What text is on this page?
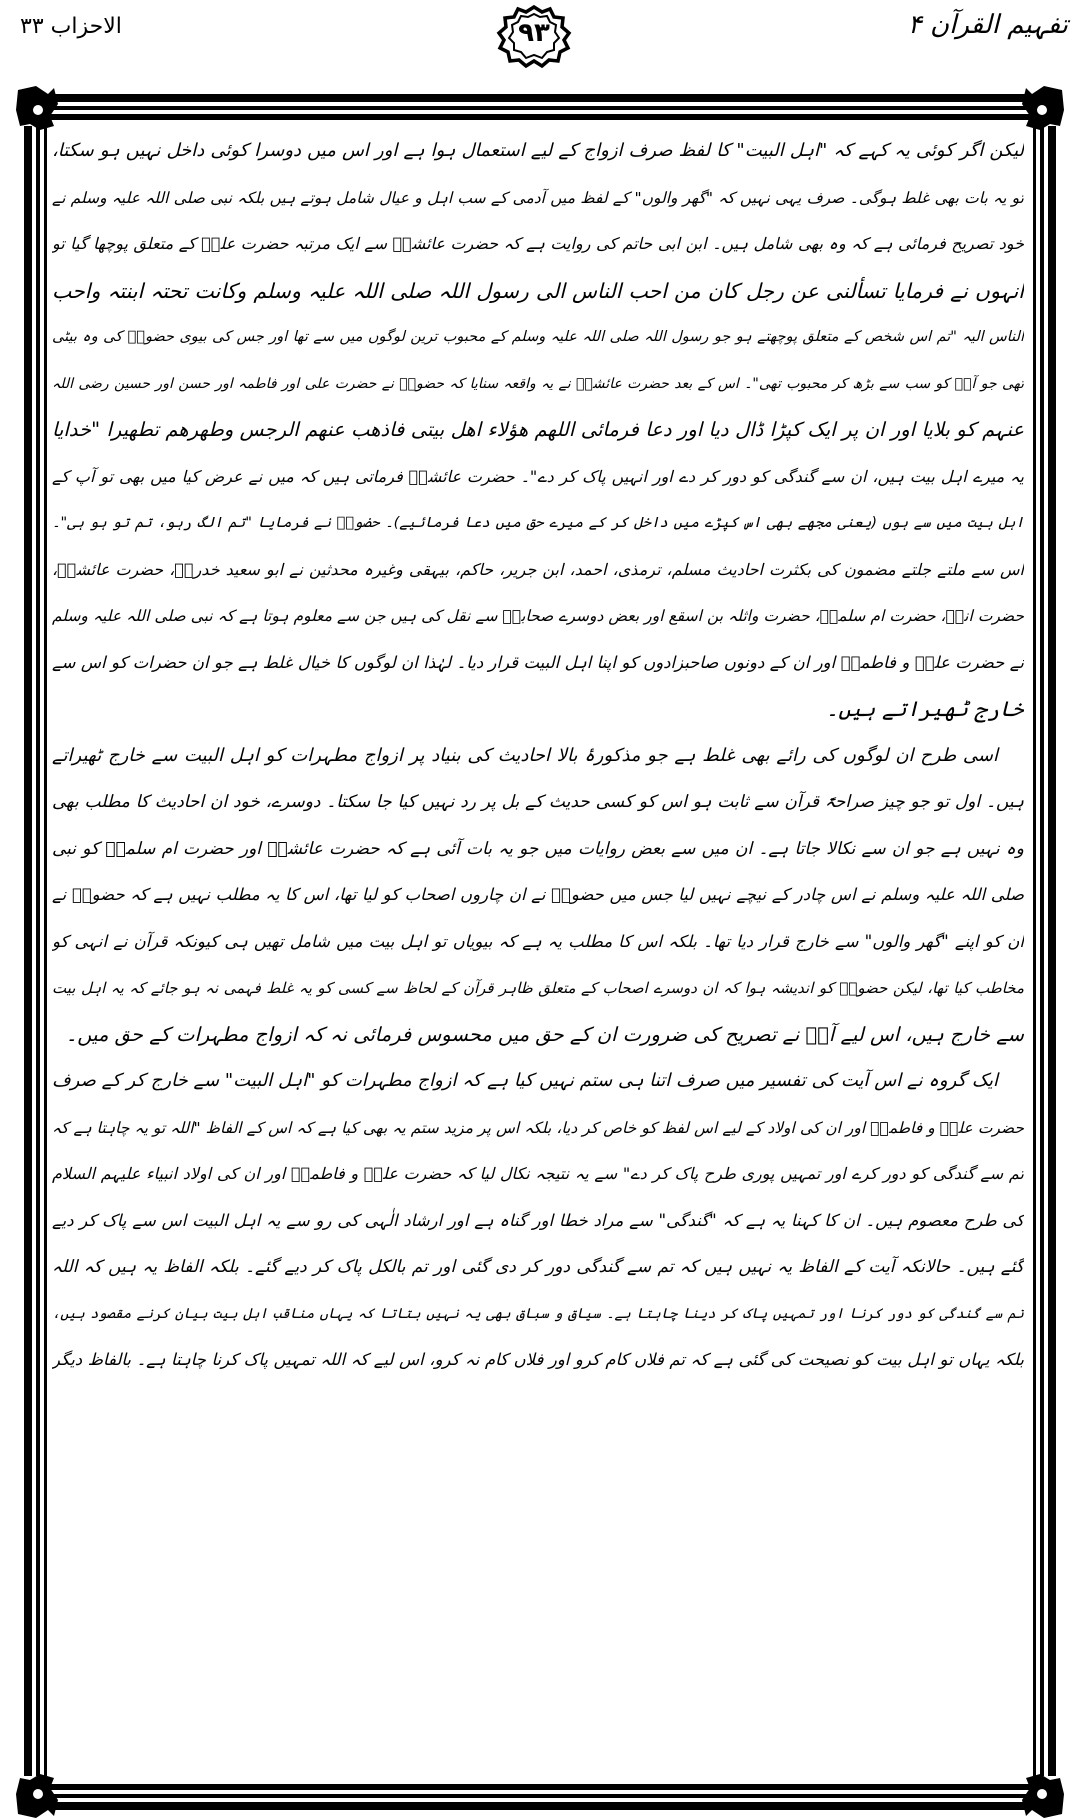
الاحزاب ۳۳	۹۳	تفہیم القرآن ۴
لیکن اگر کوئی یہ کہے کہ "اہل البیت" کا لفظ صرف ازواج کے لیے استعمال ہوا ہے اور اس میں دوسرا کوئی داخل نہیں ہو سکتا،
تو یہ بات بھی غلط ہوگی۔ صرف یہی نہیں کہ "گھر والوں" کے لفظ میں آدمی کے سب اہل و عیال شامل ہوتے ہیں بلکہ نبی صلی اللہ علیہ وسلم نے
خود تصریح فرمائی ہے کہ وہ بھی شامل ہیں۔ ابن ابی حاتم کی روایت ہے کہ حضرت عائشہؓ سے ایک مرتبہ حضرت علیؓ کے متعلق پوچھا گیا تو
انہوں نے فرمایا تسألنی عن رجل کان من احب الناس الی رسول اللہ صلی اللہ علیہ وسلم وکانت تحتہ ابنتہ واحب
الناس الیہ "تم اس شخص کے متعلق پوچھتے ہو جو رسول اللہ صلی اللہ علیہ وسلم کے محبوب ترین لوگوں میں سے تھا اور جس کی بیوی حضورؐ کی وہ بیٹی
تھی جو آپؐ کو سب سے بڑھ کر محبوب تھی"۔ اس کے بعد حضرت عائشہؓ نے یہ واقعہ سنایا کہ حضورؐ نے حضرت علی اور فاطمہ اور حسن اور حسین رضی اللہ
عنہم کو بلایا اور ان پر ایک کپڑا ڈال دیا اور دعا فرمائی اللھم ھؤلاء اھل بیتی فاذھب عنھم الرجس وطھرھم تطھیرا "خدایا
یہ میرے اہل بیت ہیں، ان سے گندگی کو دور کر دے اور انہیں پاک کر دے"۔ حضرت عائشہؓ فرماتی ہیں کہ میں نے عرض کیا میں بھی تو آپ کے
اہل بیت میں سے ہوں (یعنی مجھے بھی اس کپڑے میں داخل کر کے میرے حق میں دعا فرمائیے)۔ حضورؐ نے فرمایا "تم الگ رہو، تم تو ہو ہی"۔
اس سے ملتے جلتے مضمون کی بکثرت احادیث مسلم، ترمذی، احمد، ابن جریر، حاکم، بیہقی وغیرہ محدثین نے ابو سعید خدریؓ، حضرت عائشہؓ،
حضرت انسؓ، حضرت ام سلمہؓ، حضرت واثلہ بن اسقع اور بعض دوسرے صحابہؓ سے نقل کی ہیں جن سے معلوم ہوتا ہے کہ نبی صلی اللہ علیہ وسلم
نے حضرت علیؓ و فاطمہؓ اور ان کے دونوں صاحبزادوں کو اپنا اہل البیت قرار دیا۔ لہٰذا ان لوگوں کا خیال غلط ہے جو ان حضرات کو اس سے
خارج ٹھیراتے ہیں۔
اسی طرح ان لوگوں کی رائے بھی غلط ہے جو مذکورۂ بالا احادیث کی بنیاد پر ازواج مطہرات کو اہل البیت سے خارج ٹھیراتے
ہیں۔ اول تو جو چیز صراحۃً قرآن سے ثابت ہو اس کو کسی حدیث کے بل پر رد نہیں کیا جا سکتا۔ دوسرے، خود ان احادیث کا مطلب بھی
وہ نہیں ہے جو ان سے نکالا جاتا ہے۔ ان میں سے بعض روایات میں جو یہ بات آئی ہے کہ حضرت عائشہؓ اور حضرت ام سلمہؓ کو نبی
صلی اللہ علیہ وسلم نے اس چادر کے نیچے نہیں لیا جس میں حضورؐ نے ان چاروں اصحاب کو لیا تھا، اس کا یہ مطلب نہیں ہے کہ حضورؐ نے
ان کو اپنے "گھر والوں" سے خارج قرار دیا تھا۔ بلکہ اس کا مطلب یہ ہے کہ بیویاں تو اہل بیت میں شامل تھیں ہی کیونکہ قرآن نے انہی کو
مخاطب کیا تھا، لیکن حضورؐ کو اندیشہ ہوا کہ ان دوسرے اصحاب کے متعلق ظاہر قرآن کے لحاظ سے کسی کو یہ غلط فہمی نہ ہو جائے کہ یہ اہل بیت
سے خارج ہیں، اس لیے آپؐ نے تصریح کی ضرورت ان کے حق میں محسوس فرمائی نہ کہ ازواج مطہرات کے حق میں۔
ایک گروہ نے اس آیت کی تفسیر میں صرف اتنا ہی ستم نہیں کیا ہے کہ ازواج مطہرات کو "اہل البیت" سے خارج کر کے صرف
حضرت علیؓ و فاطمہؓ اور ان کی اولاد کے لیے اس لفظ کو خاص کر دیا، بلکہ اس پر مزید ستم یہ بھی کیا ہے کہ اس کے الفاظ "اللہ تو یہ چاہتا ہے کہ
تم سے گندگی کو دور کرے اور تمہیں پوری طرح پاک کر دے" سے یہ نتیجہ نکال لیا کہ حضرت علیؓ و فاطمہؓ اور ان کی اولاد انبیاء علیہم السلام
کی طرح معصوم ہیں۔ ان کا کہنا یہ ہے کہ "گندگی" سے مراد خطا اور گناہ ہے اور ارشاد الٰہی کی رو سے یہ اہل البیت اس سے پاک کر دیے
گئے ہیں۔ حالانکہ آیت کے الفاظ یہ نہیں ہیں کہ تم سے گندگی دور کر دی گئی اور تم بالکل پاک کر دیے گئے۔ بلکہ الفاظ یہ ہیں کہ اللہ
تم سے گندگی کو دور کرنا اور تمہیں پاک کر دینا چاہتا ہے۔ سیاق و سباق بھی یہ نہیں بتاتا کہ یہاں مناقب اہل بیت بیان کرنے مقصود ہیں،
بلکہ یہاں تو اہل بیت کو نصیحت کی گئی ہے کہ تم فلاں کام کرو اور فلاں کام نہ کرو، اس لیے کہ اللہ تمہیں پاک کرنا چاہتا ہے۔ بالفاظ دیگر
